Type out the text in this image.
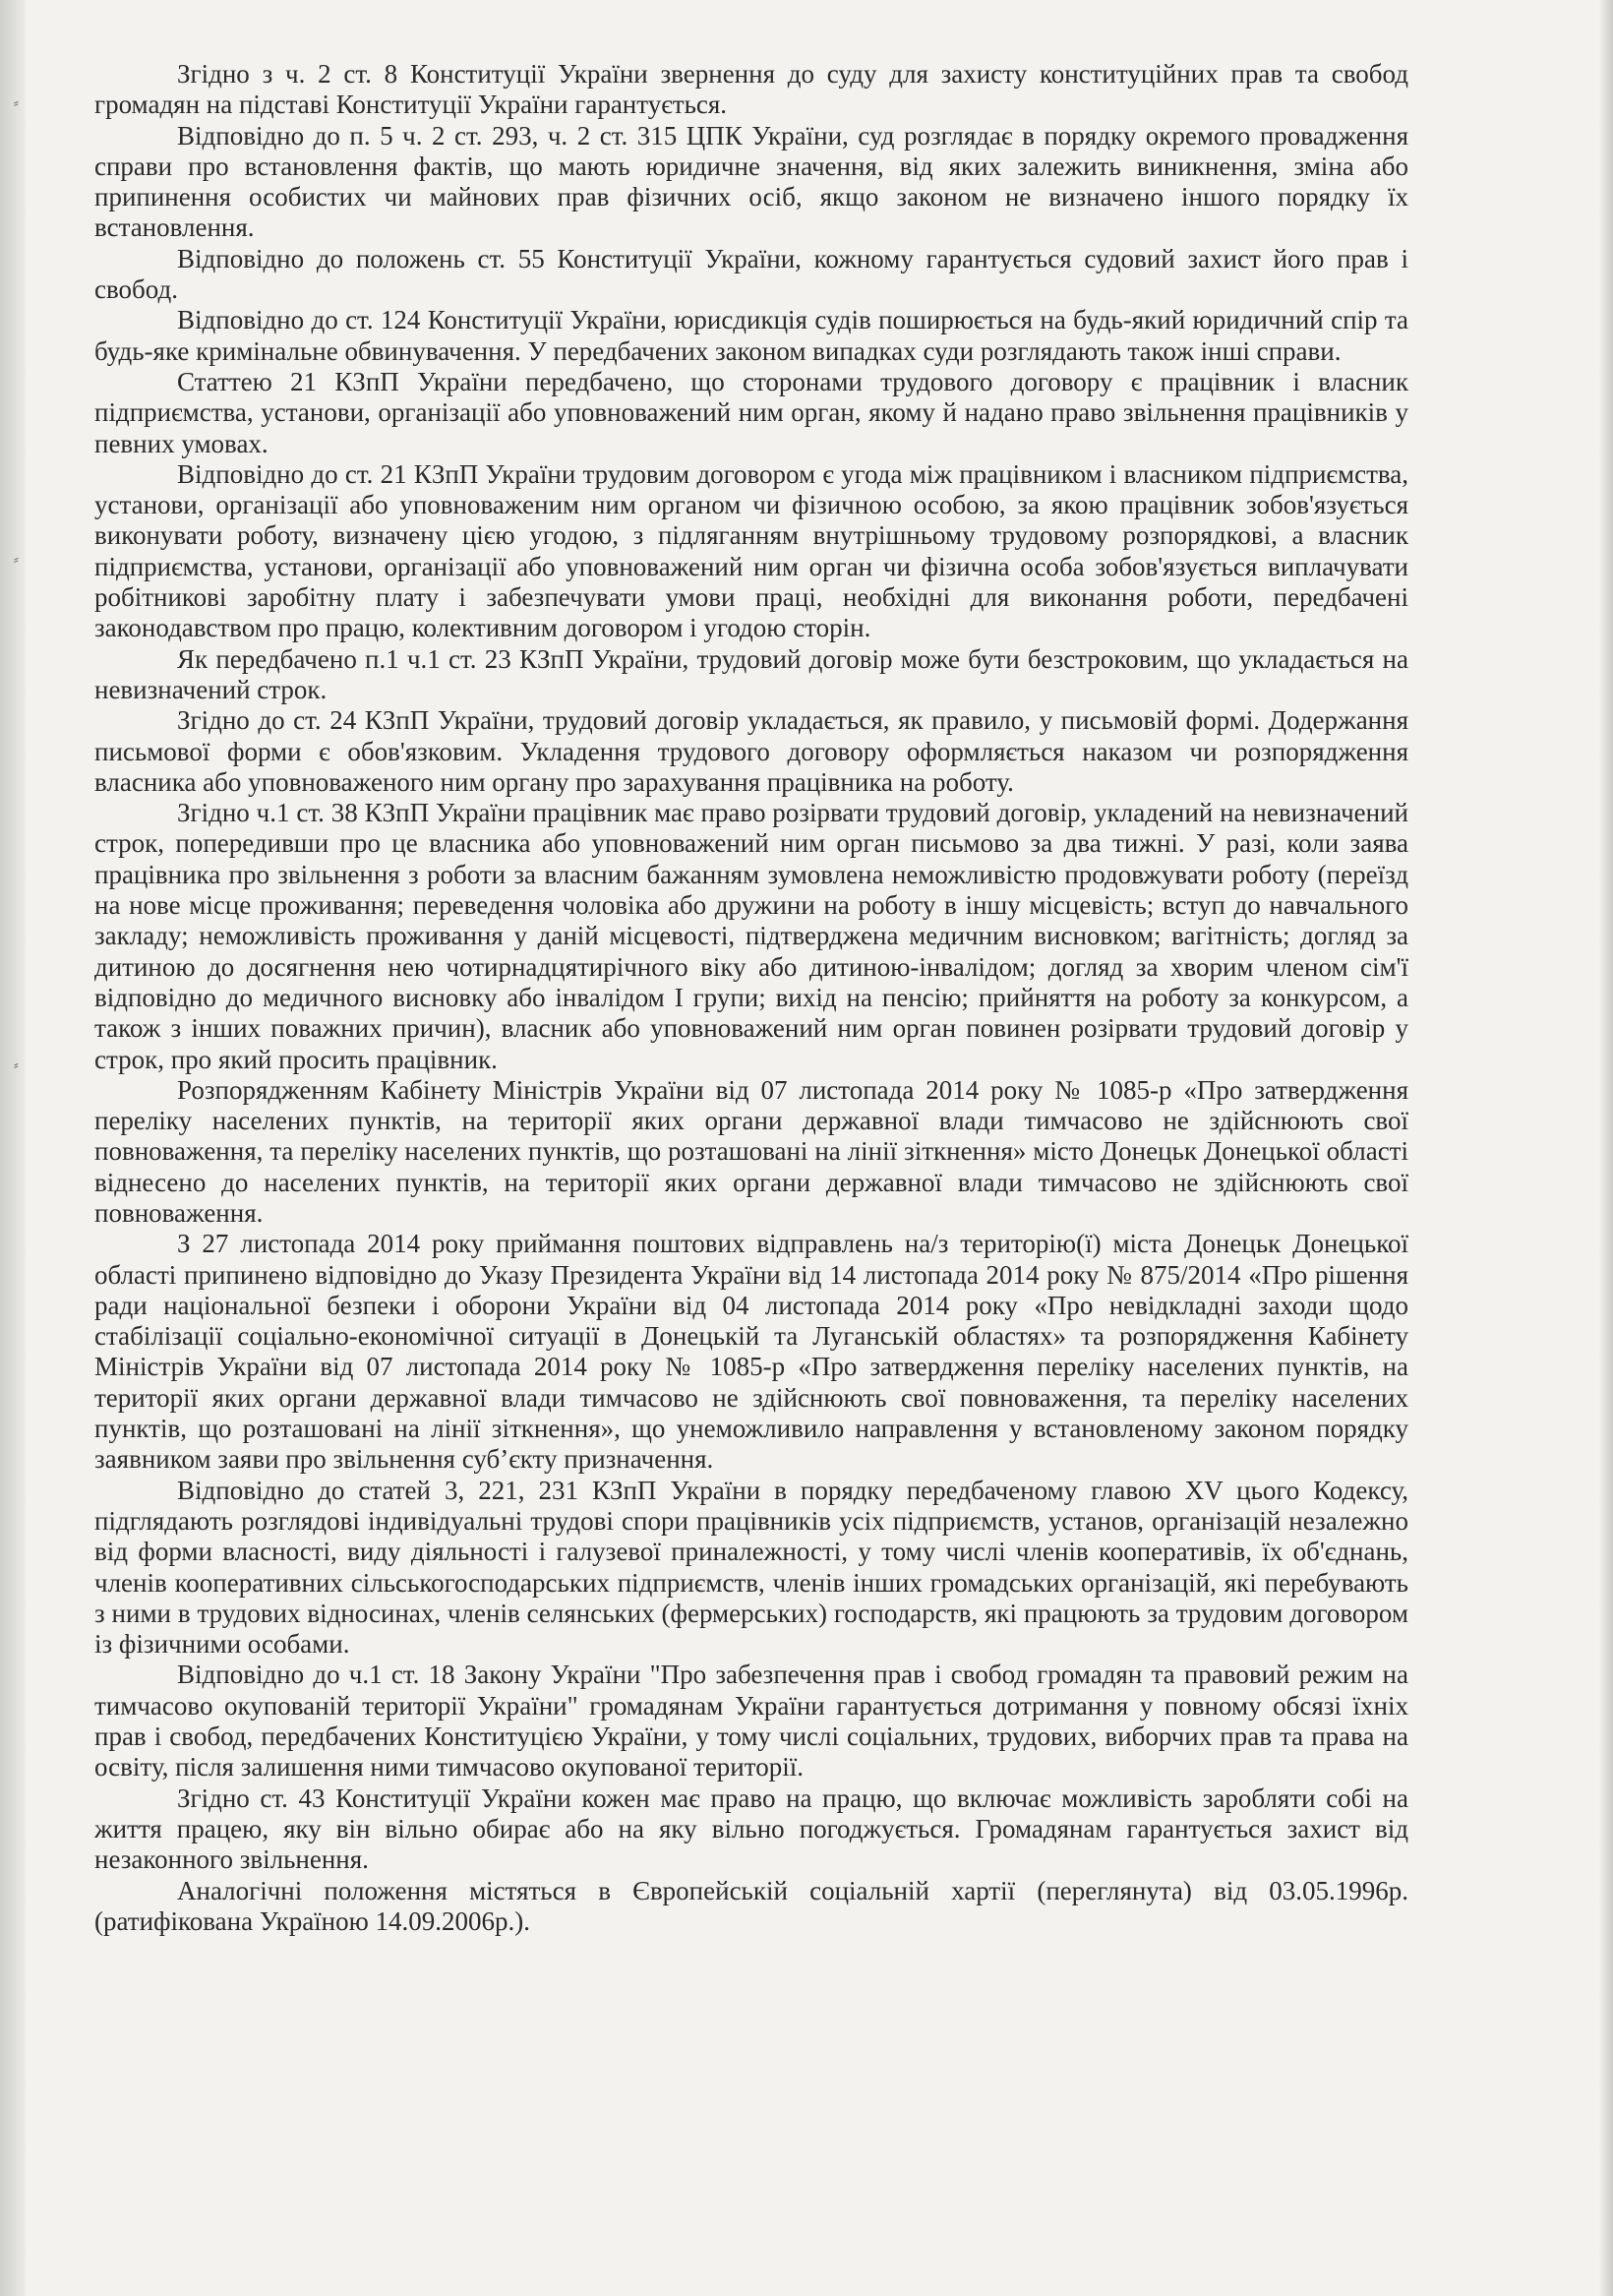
⸗
⸗
⸗

Згідно з ч. 2 ст. 8 Конституції України звернення до суду для захисту конституційних прав та свобод громадян на підставі Конституції України гарантується.

Відповідно до п. 5 ч. 2 ст. 293, ч. 2 ст. 315 ЦПК України, суд розглядає в порядку окремого провадження справи про встановлення фактів, що мають юридичне значення, від яких залежить виникнення, зміна або припинення особистих чи майнових прав фізичних осіб, якщо законом не визначено іншого порядку їх встановлення.

Відповідно до положень ст. 55 Конституції України, кожному гарантується судовий захист його прав і свобод.

Відповідно до ст. 124 Конституції України, юрисдикція судів поширюється на будь-який юридичний спір та будь-яке кримінальне обвинувачення. У передбачених законом випадках суди розглядають також інші справи.

Статтею 21 КЗпП України передбачено, що сторонами трудового договору є працівник і власник підприємства, установи, організації або уповноважений ним орган, якому й надано право звільнення працівників у певних умовах.

Відповідно до ст. 21 КЗпП України трудовим договором є угода між працівником і власником підприємства, установи, організації або уповноваженим ним органом чи фізичною особою, за якою працівник зобов'язується виконувати роботу, визначену цією угодою, з підляганням внутрішньому трудовому розпорядкові, а власник підприємства, установи, організації або уповноважений ним орган чи фізична особа зобов'язується виплачувати робітникові заробітну плату і забезпечувати умови праці, необхідні для виконання роботи, передбачені законодавством про працю, колективним договором і угодою сторін.

Як передбачено п.1 ч.1 ст. 23 КЗпП України, трудовий договір може бути безстроковим, що укладається на невизначений строк.

Згідно до ст. 24 КЗпП України, трудовий договір укладається, як правило, у письмовій формі. Додержання письмової форми є обов'язковим. Укладення трудового договору оформляється наказом чи розпорядження власника або уповноваженого ним органу про зарахування працівника на роботу.

Згідно ч.1 ст. 38 КЗпП України працівник має право розірвати трудовий договір, укладений на невизначений строк, попередивши про це власника або уповноважений ним орган письмово за два тижні. У разі, коли заява працівника про звільнення з роботи за власним бажанням зумовлена неможливістю продовжувати роботу (переїзд на нове місце проживання; переведення чоловіка або дружини на роботу в іншу місцевість; вступ до навчального закладу; неможливість проживання у даній місцевості, підтверджена медичним висновком; вагітність; догляд за дитиною до досягнення нею чотирнадцятирічного віку або дитиною-інвалідом; догляд за хворим членом сім'ї відповідно до медичного висновку або інвалідом I групи; вихід на пенсію; прийняття на роботу за конкурсом, а також з інших поважних причин), власник або уповноважений ним орган повинен розірвати трудовий договір у строк, про який просить працівник.

Розпорядженням Кабінету Міністрів України від 07 листопада 2014 року № 1085-р «Про затвердження переліку населених пунктів, на території яких органи державної влади тимчасово не здійснюють свої повноваження, та переліку населених пунктів, що розташовані на лінії зіткнення» місто Донецьк Донецької області віднесено до населених пунктів, на території яких органи державної влади тимчасово не здійснюють свої повноваження.

З 27 листопада 2014 року приймання поштових відправлень на/з територію(ї) міста Донецьк Донецької області припинено відповідно до Указу Президента України від 14 листопада 2014 року № 875/2014 «Про рішення ради національної безпеки і оборони України від 04 листопада 2014 року «Про невідкладні заходи щодо стабілізації соціально-економічної ситуації в Донецькій та Луганській областях» та розпорядження Кабінету Міністрів України від 07 листопада 2014 року № 1085-р «Про затвердження переліку населених пунктів, на території яких органи державної влади тимчасово не здійснюють свої повноваження, та переліку населених пунктів, що розташовані на лінії зіткнення», що унеможливило направлення у встановленому законом порядку заявником заяви про звільнення суб’єкту призначення.

Відповідно до статей 3, 221, 231 КЗпП України в порядку передбаченому главою XV цього Кодексу, підглядають розглядові індивідуальні трудові спори працівників усіх підприємств, установ, організацій незалежно від форми власності, виду діяльності і галузевої приналежності, у тому числі членів кооперативів, їх об'єднань, членів кооперативних сільськогосподарських підприємств, членів інших громадських організацій, які перебувають з ними в трудових відносинах, членів селянських (фермерських) господарств, які працюють за трудовим договором із фізичними особами.

Відповідно до ч.1 ст. 18 Закону України "Про забезпечення прав і свобод громадян та правовий режим на тимчасово окупованій території України" громадянам України гарантується дотримання у повному обсязі їхніх прав і свобод, передбачених Конституцією України, у тому числі соціальних, трудових, виборчих прав та права на освіту, після залишення ними тимчасово окупованої території.

Згідно ст. 43 Конституції України кожен має право на працю, що включає можливість заробляти собі на життя працею, яку він вільно обирає або на яку вільно погоджується. Громадянам гарантується захист від незаконного звільнення.

Аналогічні положення містяться в Європейській соціальній хартії (переглянута) від 03.05.1996р. (ратифікована Україною 14.09.2006р.).
